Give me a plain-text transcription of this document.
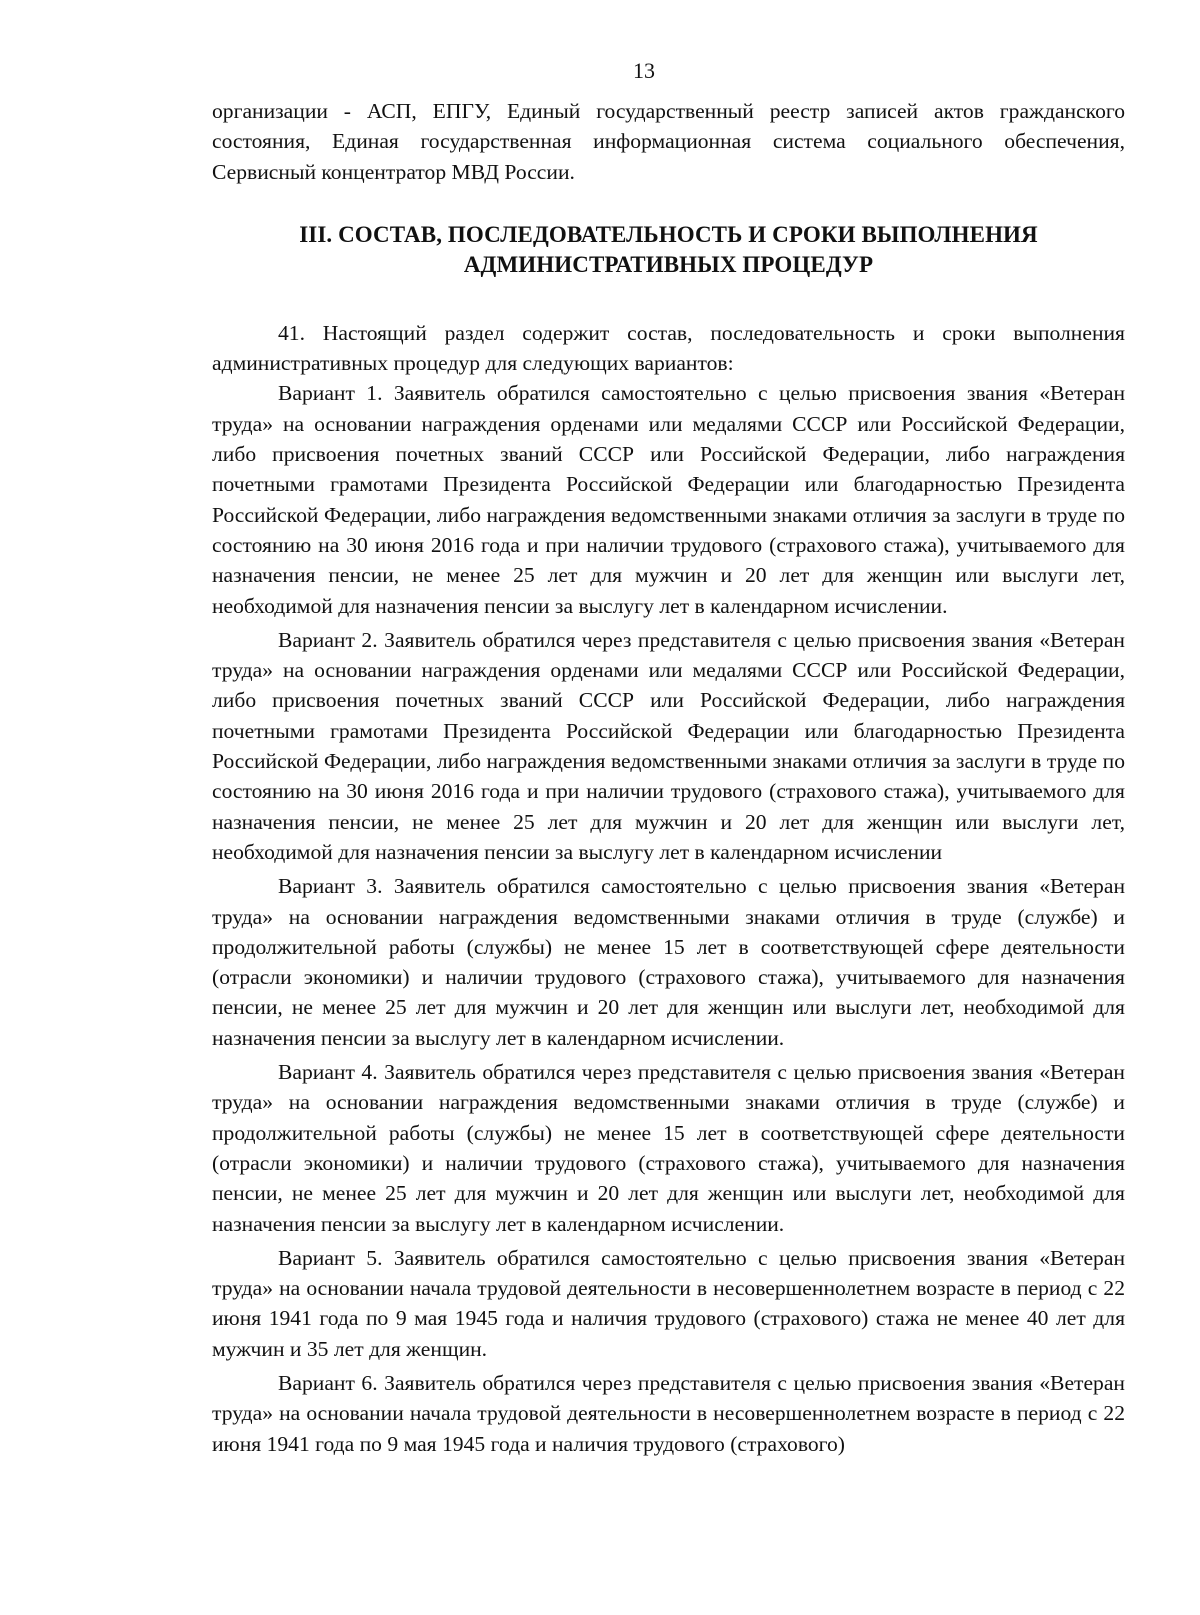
13

организации - АСП, ЕПГУ, Единый государственный реестр записей актов гражданского состояния, Единая государственная информационная система социального обеспечения, Сервисный концентратор МВД России.

III. СОСТАВ, ПОСЛЕДОВАТЕЛЬНОСТЬ И СРОКИ ВЫПОЛНЕНИЯ
АДМИНИСТРАТИВНЫХ ПРОЦЕДУР

41. Настоящий раздел содержит состав, последовательность и сроки выполнения административных процедур для следующих вариантов:

Вариант 1. Заявитель обратился самостоятельно с целью присвоения звания «Ветеран труда» на основании награждения орденами или медалями СССР или Российской Федерации, либо присвоения почетных званий СССР или Российской Федерации, либо награждения почетными грамотами Президента Российской Федерации или благодарностью Президента Российской Федерации, либо награждения ведомственными знаками отличия за заслуги в труде по состоянию на 30 июня 2016 года и при наличии трудового (страхового стажа), учитываемого для назначения пенсии, не менее 25 лет для мужчин и 20 лет для женщин или выслуги лет, необходимой для назначения пенсии за выслугу лет в календарном исчислении.

Вариант 2. Заявитель обратился через представителя с целью присвоения звания «Ветеран труда» на основании награждения орденами или медалями СССР или Российской Федерации, либо присвоения почетных званий СССР или Российской Федерации, либо награждения почетными грамотами Президента Российской Федерации или благодарностью Президента Российской Федерации, либо награждения ведомственными знаками отличия за заслуги в труде по состоянию на 30 июня 2016 года и при наличии трудового (страхового стажа), учитываемого для назначения пенсии, не менее 25 лет для мужчин и 20 лет для женщин или выслуги лет, необходимой для назначения пенсии за выслугу лет в календарном исчислении

Вариант 3. Заявитель обратился самостоятельно с целью присвоения звания «Ветеран труда» на основании награждения ведомственными знаками отличия в труде (службе) и продолжительной работы (службы) не менее 15 лет в соответствующей сфере деятельности (отрасли экономики) и наличии трудового (страхового стажа), учитываемого для назначения пенсии, не менее 25 лет для мужчин и 20 лет для женщин или выслуги лет, необходимой для назначения пенсии за выслугу лет в календарном исчислении.

Вариант 4. Заявитель обратился через представителя с целью присвоения звания «Ветеран труда» на основании награждения ведомственными знаками отличия в труде (службе) и продолжительной работы (службы) не менее 15 лет в соответствующей сфере деятельности (отрасли экономики) и наличии трудового (страхового стажа), учитываемого для назначения пенсии, не менее 25 лет для мужчин и 20 лет для женщин или выслуги лет, необходимой для назначения пенсии за выслугу лет в календарном исчислении.

Вариант 5. Заявитель обратился самостоятельно с целью присвоения звания «Ветеран труда» на основании начала трудовой деятельности в несовершеннолетнем возрасте в период с 22 июня 1941 года по 9 мая 1945 года и наличия трудового (страхового) стажа не менее 40 лет для мужчин и 35 лет для женщин.

Вариант 6. Заявитель обратился через представителя с целью присвоения звания «Ветеран труда» на основании начала трудовой деятельности в несовершеннолетнем возрасте в период с 22 июня 1941 года по 9 мая 1945 года и наличия трудового (страхового)
